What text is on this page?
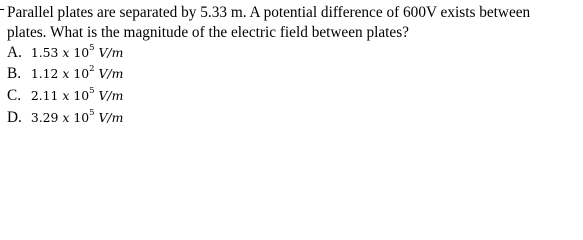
Parallel plates are separated by 5.33 m. A potential difference of 600V exists between
plates. What is the magnitude of the electric field between plates?
A. 1.53 x $10^5$ V/m
B. 1.12 x $10^2$ V/m
C. 2.11 x $10^5$ V/m
D. 3.29 x $10^5$ V/m
